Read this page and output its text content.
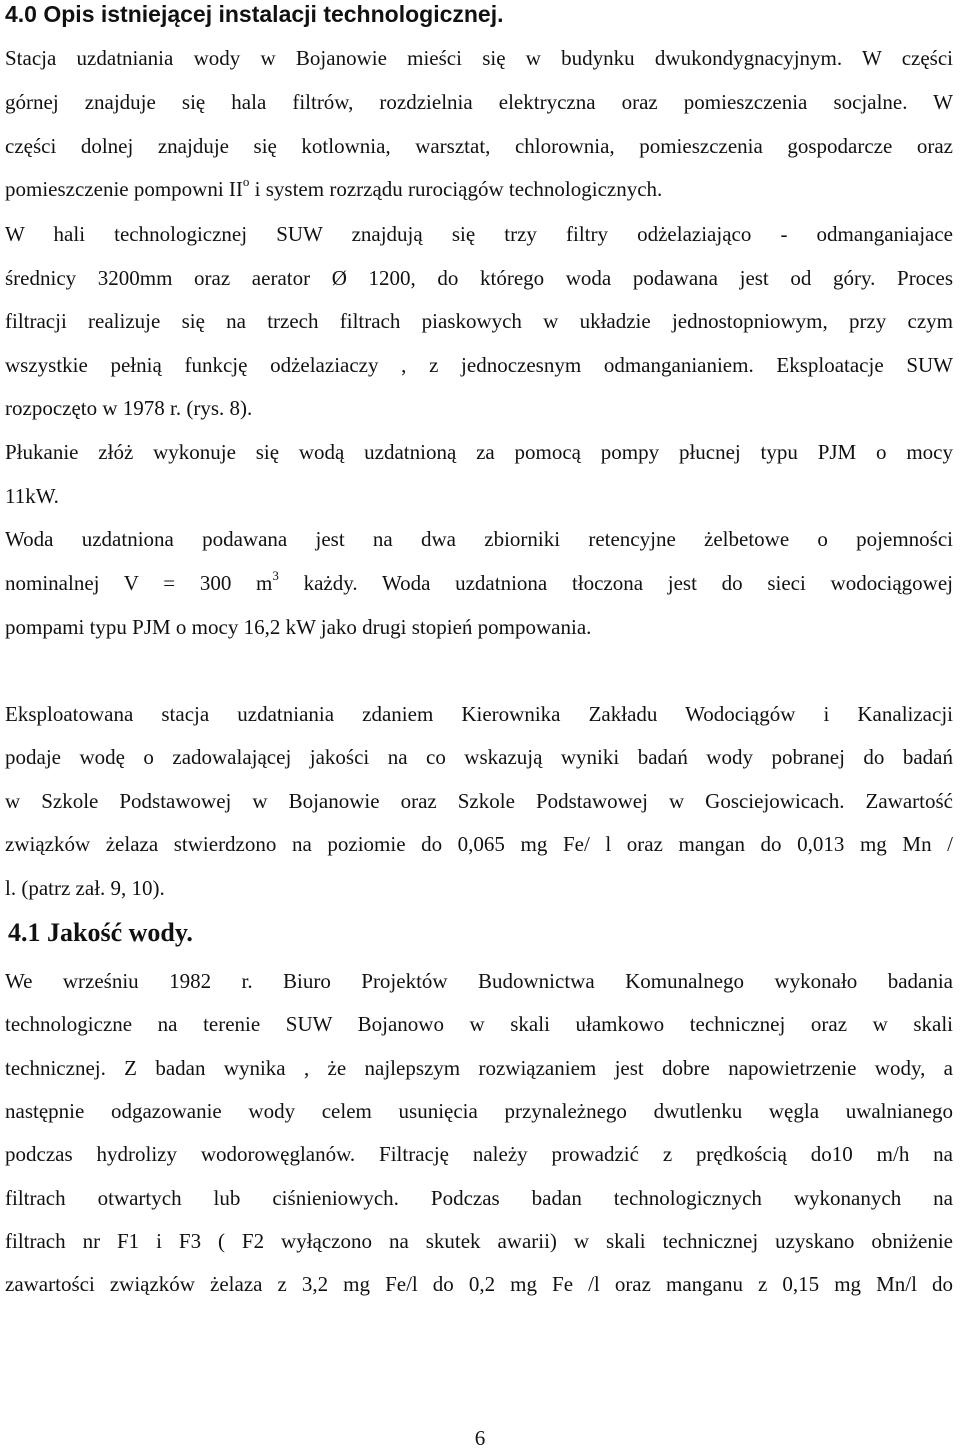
4.0 Opis istniejącej instalacji technologicznej.
Stacja uzdatniania wody w Bojanowie mieści się w budynku dwukondygnacyjnym. W części
górnej znajduje się hala filtrów, rozdzielnia elektryczna oraz pomieszczenia socjalne. W
części dolnej znajduje się kotlownia, warsztat, chlorownia, pomieszczenia gospodarcze oraz
pomieszczenie pompowni $II^o$ i system rozrządu rurociągów technologicznych.
W hali technologicznej SUW znajdują się trzy filtry odżelaziająco - odmanganiajace
średnicy 3200mm oraz aerator Ø 1200, do którego woda podawana jest od góry. Proces
filtracji realizuje się na trzech filtrach piaskowych w układzie jednostopniowym, przy czym
wszystkie pełnią funkcję odżelaziaczy , z jednoczesnym odmanganianiem. Eksploatacje SUW
rozpoczęto w 1978 r. (rys. 8).
Płukanie złóż wykonuje się wodą uzdatnioną za pomocą pompy płucnej typu PJM o mocy
11kW.
Woda uzdatniona podawana jest na dwa zbiorniki retencyjne żelbetowe o pojemności
nominalnej V = 300 $m^3$ każdy. Woda uzdatniona tłoczona jest do sieci wodociągowej
pompami typu PJM o mocy 16,2 kW jako drugi stopień pompowania.
Eksploatowana stacja uzdatniania zdaniem Kierownika Zakładu Wodociągów i Kanalizacji
podaje wodę o zadowalającej jakości na co wskazują wyniki badań wody pobranej do badań
w Szkole Podstawowej w Bojanowie oraz Szkole Podstawowej w Gosciejowicach. Zawartość
związków żelaza stwierdzono na poziomie do 0,065 mg Fe/ l oraz mangan do 0,013 mg Mn /
l. (patrz zał. 9, 10).
4.1 Jakość wody.
We wrześniu 1982 r. Biuro Projektów Budownictwa Komunalnego wykonało badania
technologiczne na terenie SUW Bojanowo w skali ułamkowo technicznej oraz w skali
technicznej. Z badan wynika , że najlepszym rozwiązaniem jest dobre napowietrzenie wody, a
następnie odgazowanie wody celem usunięcia przynależnego dwutlenku węgla uwalnianego
podczas hydrolizy wodorowęglanów. Filtrację należy prowadzić z prędkością do10 m/h na
filtrach otwartych lub ciśnieniowych. Podczas badan technologicznych wykonanych na
filtrach nr F1 i F3 ( F2 wyłączono na skutek awarii) w skali technicznej uzyskano obniżenie
zawartości związków żelaza z 3,2 mg Fe/l do 0,2 mg Fe /l oraz manganu z 0,15 mg Mn/l do
6
